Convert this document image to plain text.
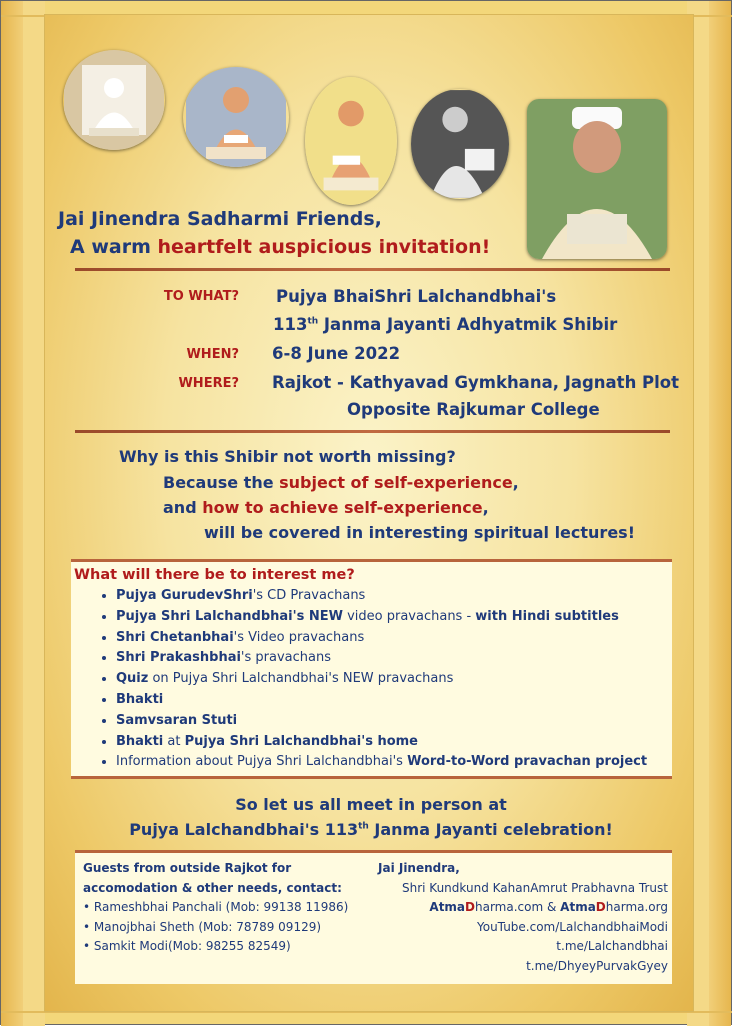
Jai Jinendra Sadharmi Friends,
A warm heartfelt auspicious invitation!
TO WHAT? Pujya BhaiShri Lalchandbhai's
113th Janma Jayanti Adhyatmik Shibir
WHEN? 6-8 June 2022
WHERE? Rajkot - Kathyavad Gymkhana, Jagnath Plot
Opposite Rajkumar College
Why is this Shibir not worth missing?
Because the subject of self-experience,
and how to achieve self-experience,
will be covered in interesting spiritual lectures!
What will there be to interest me?
• Pujya GurudevShri's CD Pravachans
• Pujya Shri Lalchandbhai's NEW video pravachans - with Hindi subtitles
• Shri Chetanbhai's Video pravachans
• Shri Prakashbhai's pravachans
• Quiz on Pujya Shri Lalchandbhai's NEW pravachans
• Bhakti
• Samvsaran Stuti
• Bhakti at Pujya Shri Lalchandbhai's home
• Information about Pujya Shri Lalchandbhai's Word-to-Word pravachan project
So let us all meet in person at
Pujya Lalchandbhai's 113th Janma Jayanti celebration!
Guests from outside Rajkot for
accomodation & other needs, contact:
• Rameshbhai Panchali (Mob: 99138 11986)
• Manojbhai Sheth (Mob: 78789 09129)
• Samkit Modi(Mob: 98255 82549)
Jai Jinendra,
Shri Kundkund KahanAmrut Prabhavna Trust
AtmaDharma.com & AtmaDharma.org
YouTube.com/LalchandbhaiModi
t.me/Lalchandbhai
t.me/DhyeyPurvakGyey
